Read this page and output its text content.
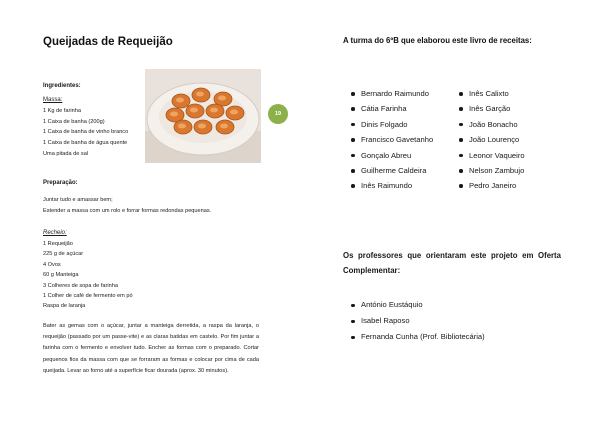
Queijadas de Requeijão
19
Ingredientes:
Massa:
1 Kg de farinha
1 Caixa de banha (200g)
1 Caixa de banha de vinho branco
1 Caixa de banha de água quente
Uma pitada de sal
Preparação:
Juntar tudo e amassar bem;
Estender a massa com um rolo e forrar formas redondas pequenas.
Recheio:
1 Requeijão
225 g de açúcar
4 Ovos
60 g Manteiga
3 Colheres de sopa de farinha
1 Colher de café de fermento em pó
Raspa de laranja
Bater as gemas com o açúcar, juntar a manteiga derretida, a raspa da laranja, o requeijão (passado por um passe-vite) e as claras batidas em castelo. Por fim juntar a farinha com o fermento e envolver tudo. Encher as formas com o preparado. Cortar pequenos fios da massa com que se forraram as formas e colocar por cima de cada queijada. Levar ao forno até a superfície ficar dourada (aprox. 30 minutos).
A turma do 6ºB que elaborou este livro de receitas:
Bernardo Raimundo
Cátia Farinha
Dinis Folgado
Francisco Gavetanho
Gonçalo Abreu
Guilherme Caldeira
Inês Raimundo
Inês Calixto
Inês Garção
João Bonacho
João Lourenço
Leonor Vaqueiro
Nelson Zambujo
Pedro Janeiro
Os professores que orientaram este projeto em Oferta Complementar:
António Eustáquio
Isabel Raposo
Fernanda Cunha (Prof. Bibliotecária)
